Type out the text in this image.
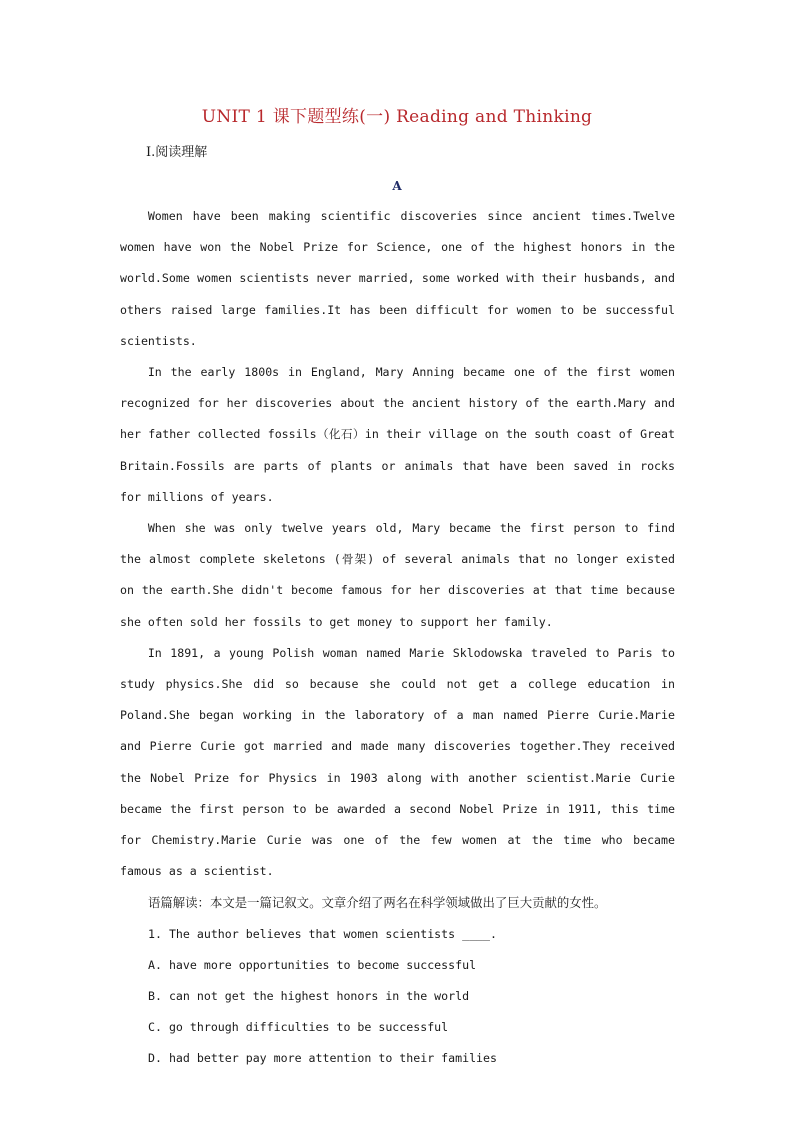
UNIT 1 课下题型练(一) Reading and Thinking
Ⅰ.阅读理解
A

Women have been making scientific discoveries since ancient times.Twelve women have won the Nobel Prize for Science, one of the highest honors in the world.Some women scientists never married, some worked with their husbands, and others raised large families.It has been difficult for women to be successful scientists.

In the early 1800s in England, Mary Anning became one of the first women recognized for her discoveries about the ancient history of the earth.Mary and her father collected fossils（化石）in their village on the south coast of Great Britain.Fossils are parts of plants or animals that have been saved in rocks for millions of years.

When she was only twelve years old, Mary became the first person to find the almost complete skeletons (骨架) of several animals that no longer existed on the earth.She didn't become famous for her discoveries at that time because she often sold her fossils to get money to support her family.

In 1891, a young Polish woman named Marie Sklodowska traveled to Paris to study physics.She did so because she could not get a college education in Poland.She began working in the laboratory of a man named Pierre Curie.Marie and Pierre Curie got married and made many discoveries together.They received the Nobel Prize for Physics in 1903 along with another scientist.Marie Curie became the first person to be awarded a second Nobel Prize in 1911, this time for Chemistry.Marie Curie was one of the few women at the time who became famous as a scientist.

语篇解读：本文是一篇记叙文。文章介绍了两名在科学领域做出了巨大贡献的女性。

1. The author believes that women scientists ____.

A. have more opportunities to become successful

B. can not get the highest honors in the world

C. go through difficulties to be successful

D. had better pay more attention to their families
